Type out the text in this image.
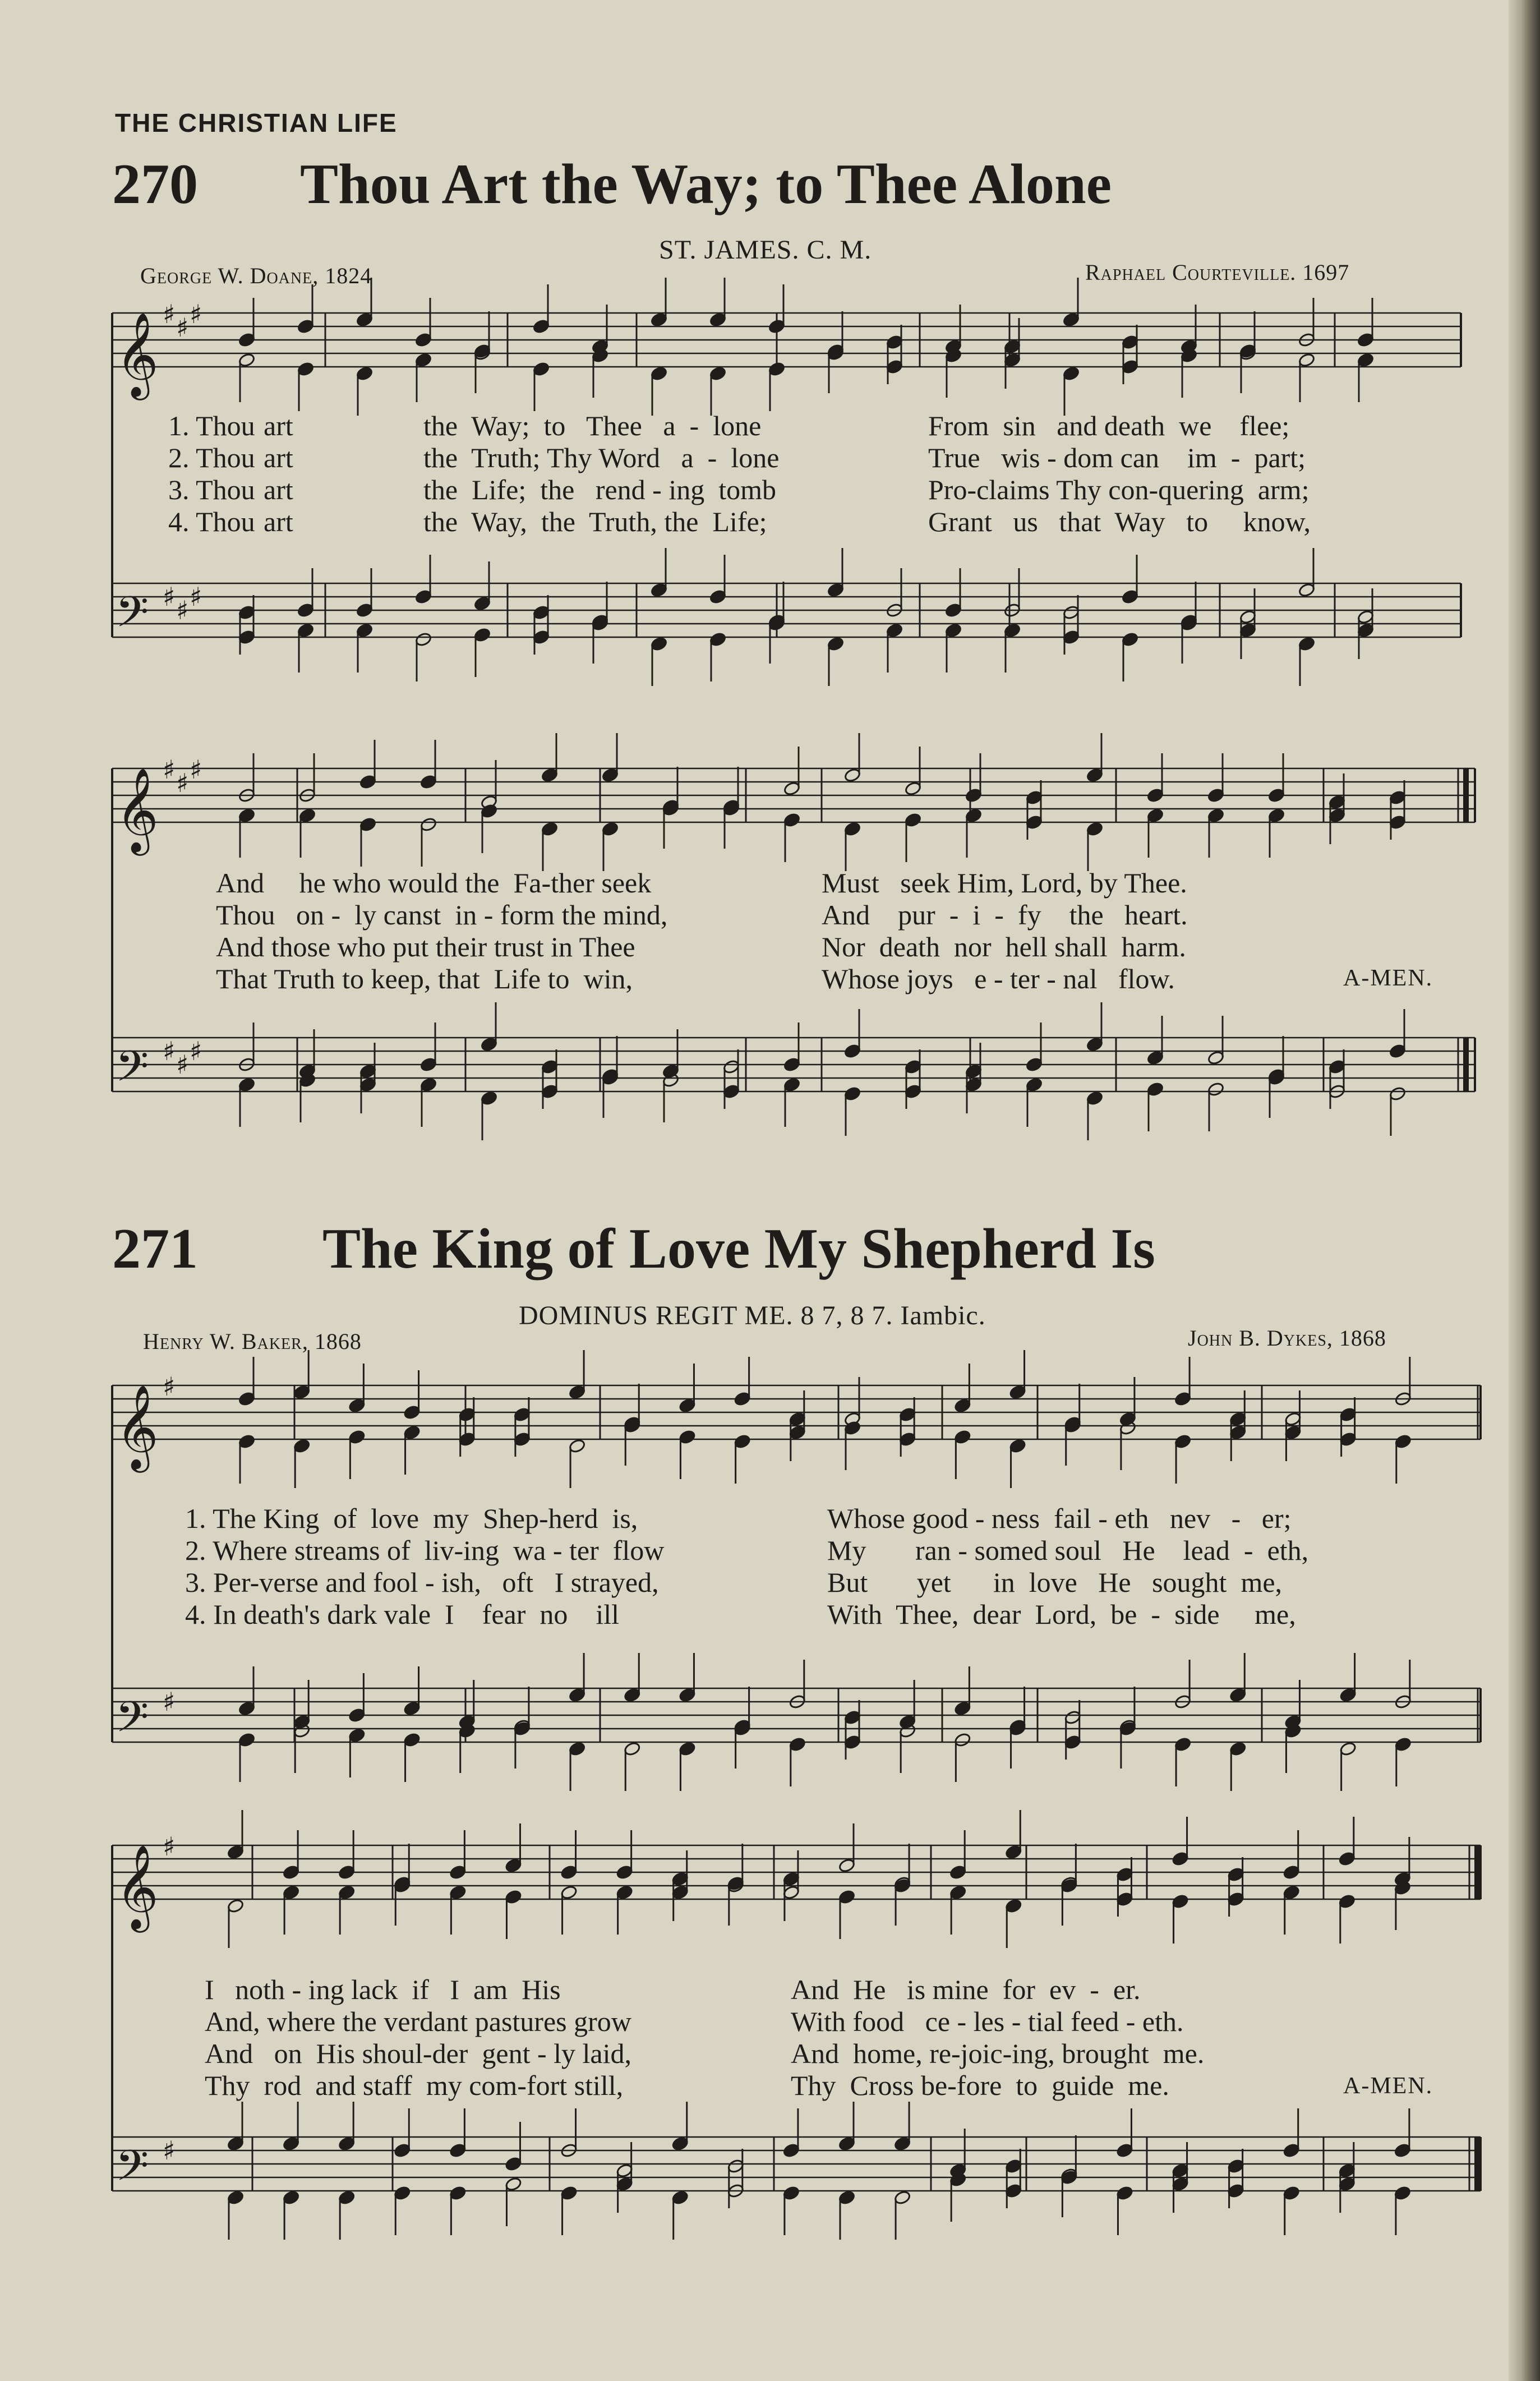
THE CHRISTIAN LIFE
270 Thou Art the Way; to Thee Alone
ST. JAMES. C. M.
George W. Doane, 1824	Raphael Courteville. 1697
271 The King of Love My Shepherd Is
DOMINUS REGIT ME. 8 7, 8 7. Iambic.
Henry W. Baker, 1868	John B. Dykes, 1868
𝄞 ♯ ♯ ♯
𝄢 ♯ ♯ ♯
𝄞 ♯ ♯ ♯
𝄢 ♯ ♯ ♯
𝄞 ♯
𝄢 ♯
𝄞 ♯
𝄢 ♯
1. Thou art	the  Way;  to   Thee   a  -  lone	From  sin   and death  we    flee;
2. Thou art	the  Truth; Thy Word   a  -  lone	True   wis - dom can    im  -  part;
3. Thou art	the  Life;  the   rend - ing  tomb	Pro-claims Thy con-quering  arm;
4. Thou art	the  Way,  the  Truth, the  Life;	Grant   us   that  Way   to     know,
And     he who would the  Fa-ther seek	Must   seek Him, Lord, by Thee.
Thou   on -  ly canst  in - form the mind,	And    pur  -  i  -  fy    the   heart.
And those who put their trust in Thee	Nor  death  nor  hell shall  harm.
That Truth to keep, that  Life to  win,	Whose joys   e - ter - nal   flow.
1. The King  of  love  my  Shep-herd  is,	Whose good - ness  fail - eth   nev   -   er;
2. Where streams of  liv-ing  wa - ter  flow	My       ran - somed soul   He    lead  -  eth,
3. Per-verse and fool - ish,   oft   I strayed,	But       yet      in  love   He   sought  me,
4. In death's dark vale  I    fear  no    ill	With  Thee,  dear  Lord,  be  -  side     me,
I   noth - ing lack  if   I  am  His	And  He   is mine  for  ev  -  er.
And, where the verdant pastures grow	With food   ce - les - tial feed - eth.
And   on  His shoul-der  gent - ly laid,	And  home, re-joic-ing, brought  me.
Thy  rod  and staff  my com-fort still,	Thy  Cross be-fore  to  guide  me.
A-MEN.
A-MEN.
